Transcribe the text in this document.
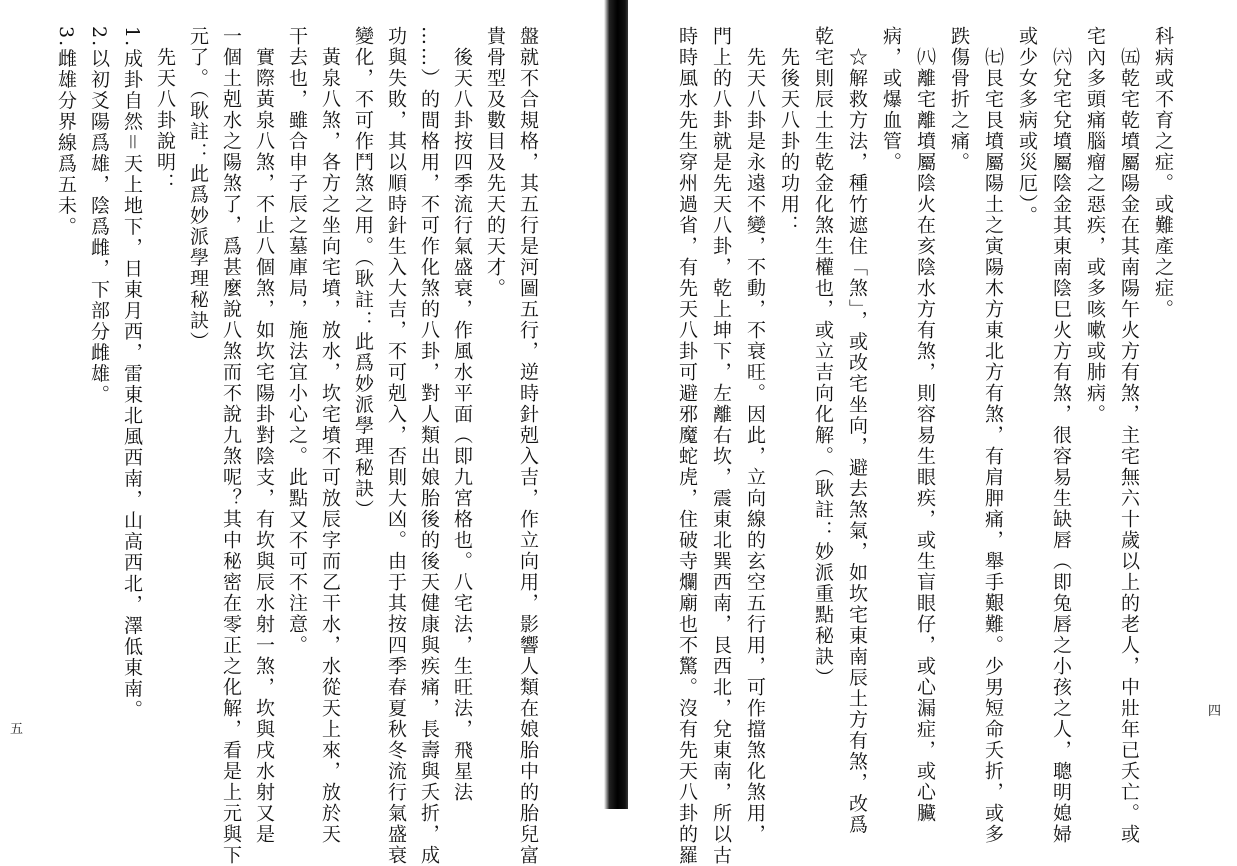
盤就不合規格，其五行是河圖五行，逆時針剋入吉，作立向用，影響人類在娘胎中的胎兒富
貴骨型及數目及先天的天才。
　後天八卦按四季流行氣盛衰，作風水平面（即九宮格也。八宅法，生旺法，飛星法
……）的間格用，不可作化煞的八卦，對人類出娘胎後的後天健康與疾痛，長壽與夭折，成
功與失敗，其以順時針生入大吉，不可剋入，否則大凶。由于其按四季春夏秋冬流行氣盛衰
變化，不可作鬥煞之用。（耿註：此爲妙派學理秘訣）
　黃泉八煞，各方之坐向宅墳，放水，坎宅墳不可放辰字而乙干水，水從天上來，放於天
干去也，雖合申子辰之墓庫局，施法宜小心之。此點又不可不注意。
　實際黃泉八煞，不止八個煞，如坎宅陽卦對陰支，有坎與辰水射一煞，坎與戌水射又是
一個土剋水之陽煞了，爲甚麼說八煞而不說九煞呢？其中秘密在零正之化解，看是上元與下
元了。（耿註：此爲妙派學理秘訣）
　先天八卦說明：
1.成卦自然＝天上地下，日東月西，雷東北風西南，山高西北，澤低東南。
2.以初爻陽爲雄，陰爲雌，下部分雌雄。
3.雌雄分界線爲五未。
五
科病或不育之症。或難產之症。
　㈤乾宅乾墳屬陽金在其南陽午火方有煞，主宅無六十歲以上的老人，中壯年已夭亡。或
宅內多頭痛腦瘤之惡疾，或多咳嗽或肺病。
　㈥兌宅兌墳屬陰金其東南陰巳火方有煞，很容易生缺唇（即兔唇之小孩之人，聰明媳婦
或少女多病或災厄）。
　㈦艮宅艮墳屬陽土之寅陽木方東北方有煞，有肩胛痛，舉手艱難。少男短命夭折，或多
跌傷骨折之痛。
　㈧離宅離墳屬陰火在亥陰水方有煞，則容易生眼疾，或生盲眼仔，或心漏症，或心臟
病，或爆血管。
　☆解救方法，種竹遮住「煞」，或改宅坐向，避去煞氣，如坎宅東南辰土方有煞，改爲
乾宅則辰土生乾金化煞生權也，或立吉向化解。（耿註：妙派重點秘訣）
　先後天八卦的功用：
　先天八卦是永遠不變，不動，不衰旺。因此，立向線的玄空五行用，可作擋煞化煞用，
門上的八卦就是先天八卦，乾上坤下，左離右坎，震東北巽西南，艮西北，兌東南，所以古
時時風水先生穿州過省，有先天八卦可避邪魔蛇虎，住破寺爛廟也不驚。沒有先天八卦的羅	四
